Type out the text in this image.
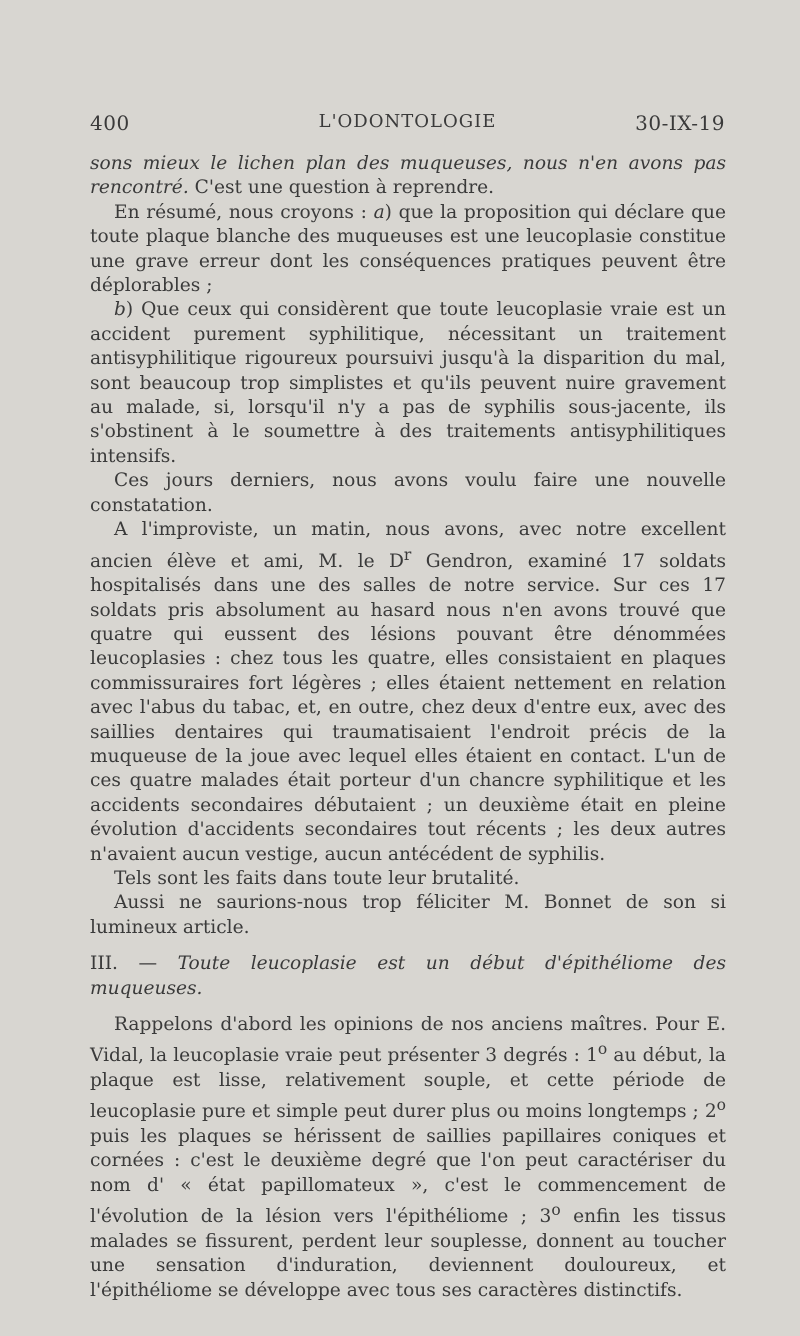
400	L'ODONTOLOGIE	30-IX-19

sons mieux le lichen plan des muqueuses, nous n'en avons pas rencontré. C'est une question à reprendre.

En résumé, nous croyons : a) que la proposition qui déclare que toute plaque blanche des muqueuses est une leucoplasie constitue une grave erreur dont les conséquences pratiques peuvent être déplorables ;

b) Que ceux qui considèrent que toute leucoplasie vraie est un accident purement syphilitique, nécessitant un traitement antisyphilitique rigoureux poursuivi jusqu'à la disparition du mal, sont beaucoup trop simplistes et qu'ils peuvent nuire gravement au malade, si, lorsqu'il n'y a pas de syphilis sous-jacente, ils s'obstinent à le soumettre à des traitements antisyphilitiques intensifs.

Ces jours derniers, nous avons voulu faire une nouvelle constatation.

A l'improviste, un matin, nous avons, avec notre excellent ancien élève et ami, M. le $D^r$ Gendron, examiné 17 soldats hospitalisés dans une des salles de notre service. Sur ces 17 soldats pris absolument au hasard nous n'en avons trouvé que quatre qui eussent des lésions pouvant être dénommées leucoplasies : chez tous les quatre, elles consistaient en plaques commissuraires fort légères ; elles étaient nettement en relation avec l'abus du tabac, et, en outre, chez deux d'entre eux, avec des saillies dentaires qui traumatisaient l'endroit précis de la muqueuse de la joue avec lequel elles étaient en contact. L'un de ces quatre malades était porteur d'un chancre syphilitique et les accidents secondaires débutaient ; un deuxième était en pleine évolution d'accidents secondaires tout récents ; les deux autres n'avaient aucun vestige, aucun antécédent de syphilis.

Tels sont les faits dans toute leur brutalité.

Aussi ne saurions-nous trop féliciter M. Bonnet de son si lumineux article.

III. — Toute leucoplasie est un début d'épithéliome des muqueuses.

Rappelons d'abord les opinions de nos anciens maîtres. Pour E. Vidal, la leucoplasie vraie peut présenter 3 degrés : 1$^o$ au début, la plaque est lisse, relativement souple, et cette période de leucoplasie pure et simple peut durer plus ou moins longtemps ; 2$^o$ puis les plaques se hérissent de saillies papillaires coniques et cornées : c'est le deuxième degré que l'on peut caractériser du nom d' « état papillomateux », c'est le commencement de l'évolution de la lésion vers l'épithéliome ; 3$^o$ enfin les tissus malades se fissurent, perdent leur souplesse, donnent au toucher une sensation d'induration, deviennent douloureux, et l'épithéliome se développe avec tous ses caractères distinctifs.
